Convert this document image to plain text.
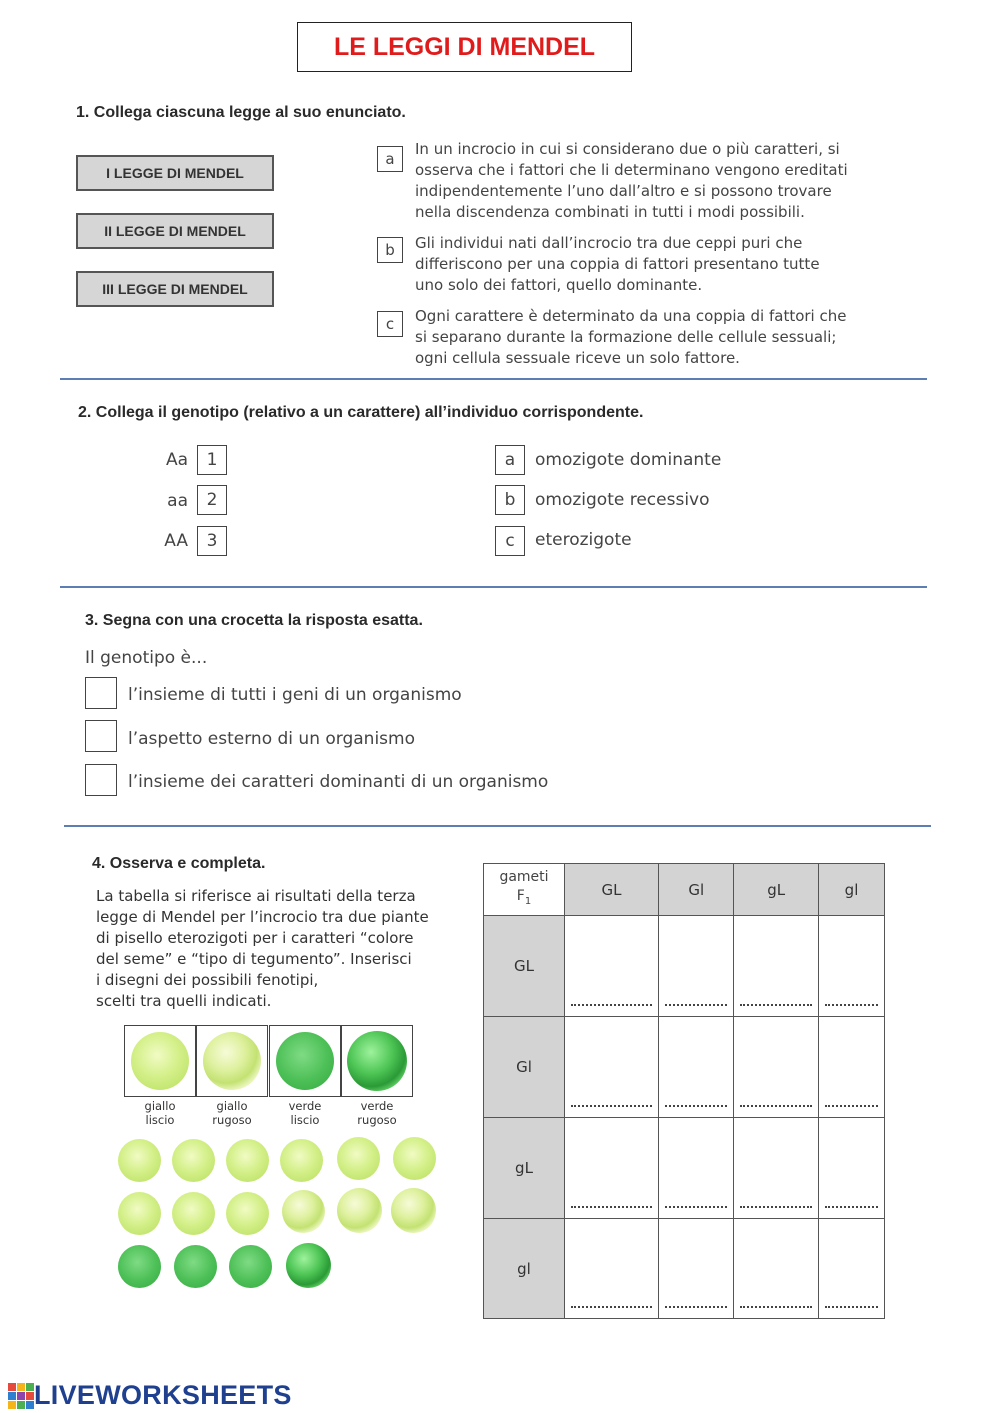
LE LEGGI DI MENDEL
1. Collega ciascuna legge al suo enunciato.
I LEGGE DI MENDEL
II LEGGE DI MENDEL
III LEGGE DI MENDEL
a
In un incrocio in cui si considerano due o più caratteri, si
osserva che i fattori che li determinano vengono ereditati
indipendentemente l’uno dall’altro e si possono trovare
nella discendenza combinati in tutti i modi possibili.
b	Gli individui nati dall’incrocio tra due ceppi puri che
differiscono per una coppia di fattori presentano tutte
uno solo dei fattori, quello dominante.
c	Ogni carattere è determinato da una coppia di fattori che
si separano durante la formazione delle cellule sessuali;
ogni cellula sessuale riceve un solo fattore.
2. Collega il genotipo (relativo a un carattere) all’individuo corrispondente.
Aa	1
aa	2
AA	3
a	omozigote dominante
b	omozigote recessivo
c	eterozigote
3. Segna con una crocetta la risposta esatta.
Il genotipo è...
l’insieme di tutti i geni di un organismo
l’aspetto esterno di un organismo
l’insieme dei caratteri dominanti di un organismo
4. Osserva e completa.
La tabella si riferisce ai risultati della terza
legge di Mendel per l’incrocio tra due piante
di pisello eterozigoti per i caratteri “colore
del seme” e “tipo di tegumento”. Inserisci
i disegni dei possibili fenotipi,
scelti tra quelli indicati.
giallo
liscio
giallo
rugoso
verde
liscio
verde
rugoso
gameti
$F_1$	GL	Gl	gL	gl
GL	

Gl	

gL	

gl	

LIVEWORKSHEETS
